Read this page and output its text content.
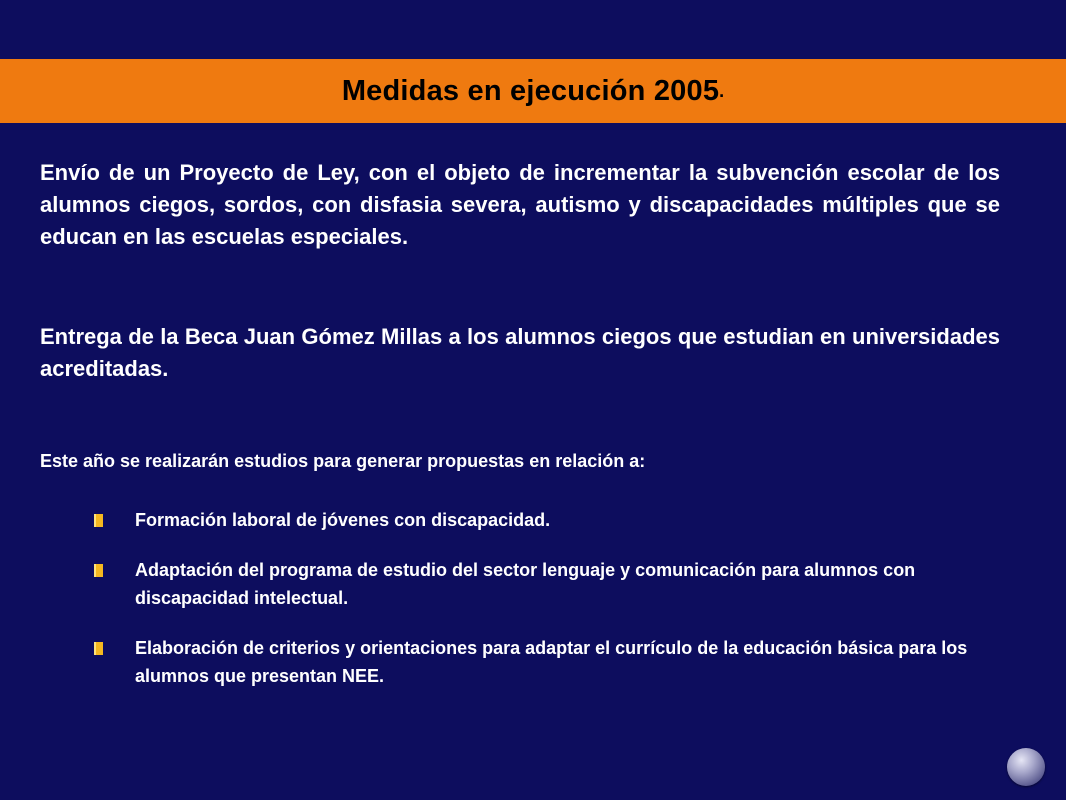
Medidas en ejecución 2005 .
Envío de un Proyecto de Ley, con el objeto de incrementar la subvención escolar de los alumnos ciegos, sordos, con disfasia severa, autismo y discapacidades múltiples que se educan en las escuelas especiales.
Entrega de la Beca Juan Gómez Millas a los alumnos ciegos que estudian en universidades acreditadas.
Este año se realizarán estudios para generar propuestas en relación a:
Formación laboral de jóvenes con discapacidad.
Adaptación del programa de estudio del sector lenguaje y comunicación para alumnos con discapacidad intelectual.
Elaboración de criterios y orientaciones para adaptar el currículo de la educación básica para los alumnos que presentan NEE.
